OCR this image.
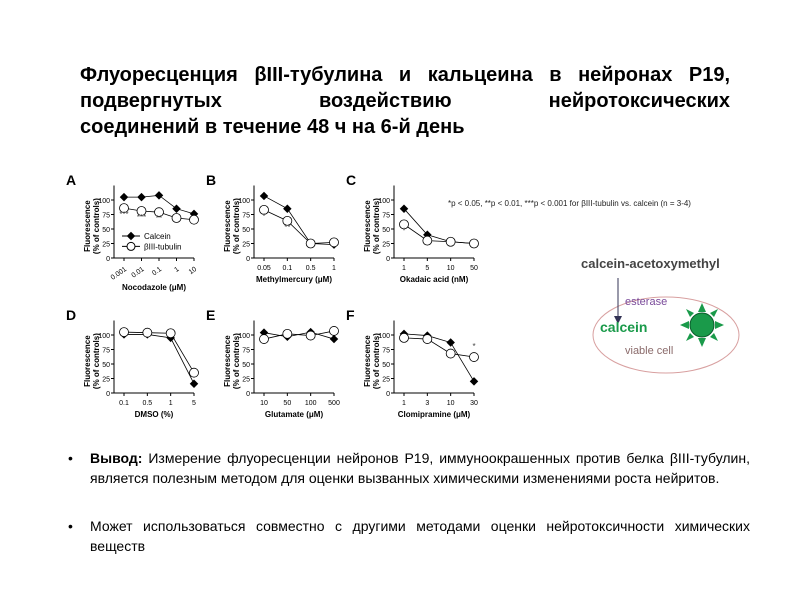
Флуоресценция βIII-тубулина и кальцеина в нейронах P19, подвергнутых воздействию нейротоксических
соединений в течение 48 ч на 6-й день
A
0
25
50
75
100
Fluorescence (% of controls)
0.001 0.01 0.1 1 10
Nocodazole (μM)
*** *** **
Calcein
βIII-tubulin
B
0
25
50
75
100
Fluorescence (% of controls)
0.05 0.1 0.5 1
Methylmercury (μM)
*
**
C
0
25
50
75
100
Fluorescence (% of controls)
1	5 10 50
Okadaic acid (nM)
*
D
0
25
50
75
100
Fluorescence (% of controls)
0.1 0.5 1	5
DMSO (%)
E
0
25
50
75
100
Fluorescence (% of controls)
10 50 100 500
Glutamate (μM)
F
0
25
50
75
100
Fluorescence (% of controls)
1	3 10 30
Clomipramine (μM)
*
*p < 0.05, **p < 0.01, ***p < 0.001 for βIII-tubulin vs. calcein (n = 3-4)
calcein-acetoxymethyl
esterase
calcein
viable cell
• Вывод: Измерение флуоресценции нейронов P19, иммуноокрашенных против белка βIII-тубулин, является полезным методом для оценки вызванных химическими изменениями роста нейритов.
• Может использоваться совместно с другими методами оценки нейротоксичности химических веществ
